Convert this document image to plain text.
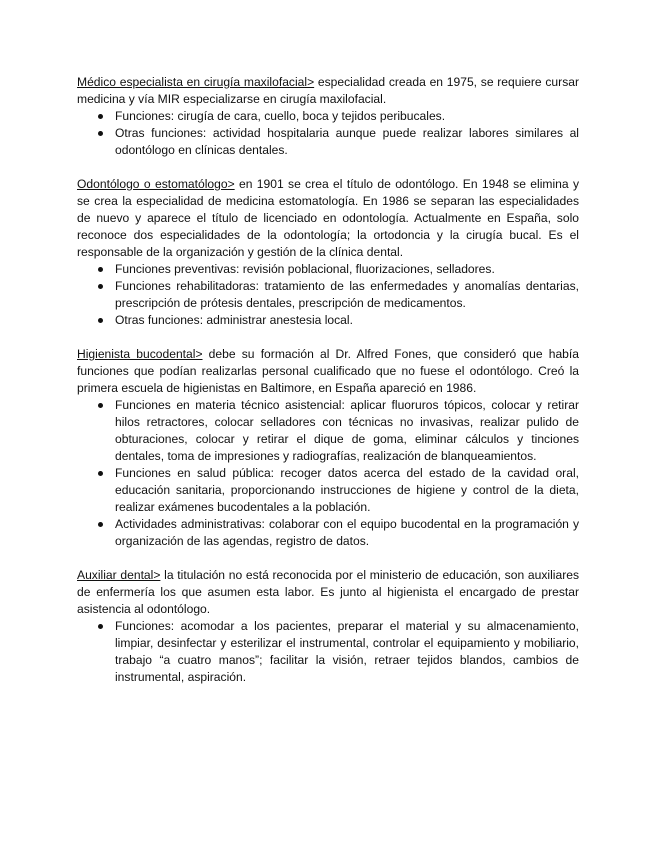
Médico especialista en cirugía maxilofacial> especialidad creada en 1975, se requiere cursar medicina y vía MIR especializarse en cirugía maxilofacial.

Funciones: cirugía de cara, cuello, boca y tejidos peribucales.
Otras funciones: actividad hospitalaria aunque puede realizar labores similares al odontólogo en clínicas dentales.

Odontólogo o estomatólogo> en 1901 se crea el título de odontólogo. En 1948 se elimina y se crea la especialidad de medicina estomatología. En 1986 se separan las especialidades de nuevo y aparece el título de licenciado en odontología. Actualmente en España, solo reconoce dos especialidades de la odontología; la ortodoncia y la cirugía bucal. Es el responsable de la organización y gestión de la clínica dental.

Funciones preventivas: revisión poblacional, fluorizaciones, selladores.
Funciones rehabilitadoras: tratamiento de las enfermedades y anomalías dentarias, prescripción de prótesis dentales, prescripción de medicamentos.
Otras funciones: administrar anestesia local.

Higienista bucodental> debe su formación al Dr. Alfred Fones, que consideró que había funciones que podían realizarlas personal cualificado que no fuese el odontólogo. Creó la primera escuela de higienistas en Baltimore, en España apareció en 1986.

Funciones en materia técnico asistencial: aplicar fluoruros tópicos, colocar y retirar hilos retractores, colocar selladores con técnicas no invasivas, realizar pulido de obturaciones, colocar y retirar el dique de goma, eliminar cálculos y tinciones dentales, toma de impresiones y radiografías, realización de blanqueamientos.
Funciones en salud pública: recoger datos acerca del estado de la cavidad oral, educación sanitaria, proporcionando instrucciones de higiene y control de la dieta, realizar exámenes bucodentales a la población.
Actividades administrativas: colaborar con el equipo bucodental en la programación y organización de las agendas, registro de datos.

Auxiliar dental> la titulación no está reconocida por el ministerio de educación, son auxiliares de enfermería los que asumen esta labor. Es junto al higienista el encargado de prestar asistencia al odontólogo.

Funciones: acomodar a los pacientes, preparar el material y su almacenamiento, limpiar, desinfectar y esterilizar el instrumental, controlar el equipamiento y mobiliario, trabajo “a cuatro manos”; facilitar la visión, retraer tejidos blandos, cambios de instrumental, aspiración.
